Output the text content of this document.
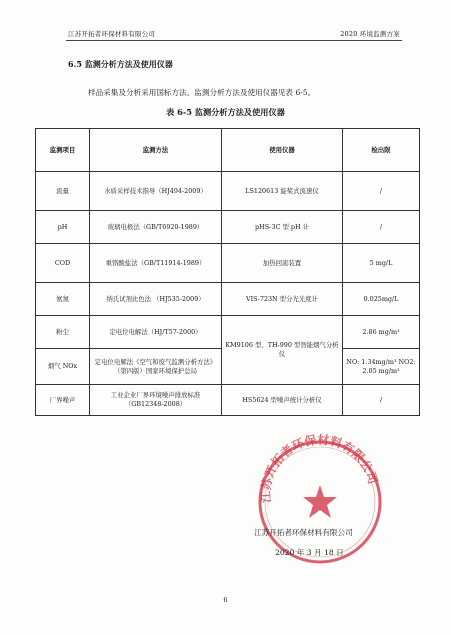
江苏开拓者环保材料有限公司	2020 环境监测方案
6.5 监测分析方法及使用仪器
样品采集及分析采用国标方法。监测分析方法及使用仪器见表 6-5。
表 6-5 监测分析方法及使用仪器
监测项目	监测方法	使用仪器	检出限
流量	水质采样技术指导（HJ494-2009）	LS120613 旋桨式流速仪	/
pH	玻璃电极法（GB/T6920-1989）	pHS-3C 型 pH 计	/
COD	重铬酸盐法（GB/T11914-1989）	加热回流装置	5 mg/L
氨氮	纳氏试剂比色法 （HJ535-2009）	VIS-723N 型分光光度计	0.025mg/L
粉尘	定电位电解法（HJ/T57-2000）	KM9106 型、TH-990 型智能烟气分析仪	2.86 mg/m³
烟气 NOx	定电位电解法《空气和废气监测分析方法》（第四版）国家环境保护总局		NO: 1.34mg/m³ NO2: 2.05 mg/m³
厂界噪声	工业企业厂界环境噪声排放标准（GB12348-2008）	HS5624 型噪声统计分析仪	/
江苏开拓者环保材料有限公司
江苏开拓者环保材料有限公司
2020 年 3 月 18 日
6
